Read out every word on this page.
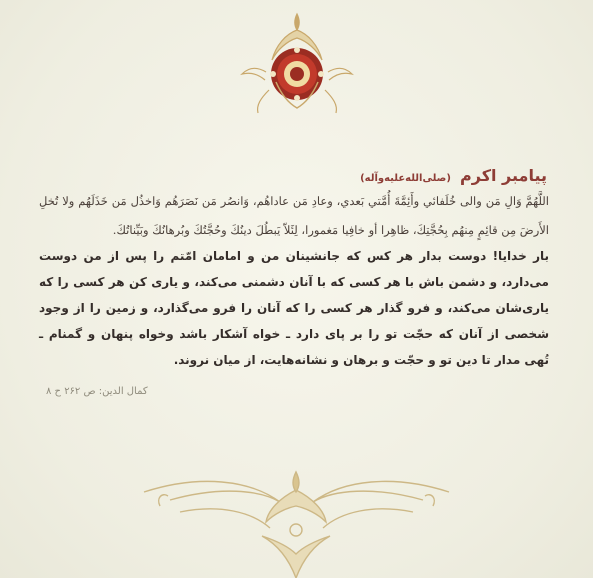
پیامبر اکرم (صلی‌الله‌علیه‌وآله)
اللَّهُمَّ وَالِ مَن والى خُلَفائي وأَئِمَّةَ أُمَّتي بَعدي، وعادِ مَن عاداهُم، وَانصُر مَن نَصَرَهُم وَاخذُل مَن خَذَلَهُم ولا تُخلِ الأَرضَ مِن قائِمٍ مِنهُم بِحُجَّتِكَ، ظاهِرا أو خافِيا مَغمورا، لِئَلاّ يَبطُلَ دينُكَ وحُجَّتُكَ وبُرهانُكَ وبَيِّناتُكَ.
بار خدایا! دوست بدار هر کس که جانشینان من و امامان امّتم را پس از من دوست می‌دارد، و دشمن باش با هر کسی که با آنان دشمنی می‌کند، و یاری کن هر کسی را که یاری‌شان می‌کند، و فرو گذار هر کسی را که آنان را فرو می‌گذارد، و زمین را از وجود شخصی از آنان که حجّت تو را بر پای دارد ـ خواه آشکار باشد وخواه پنهان و گمنام ـ تُهی مدار تا دین تو و حجّت و برهان و نشانه‌هایت، از میان نروند.
کمال الدین: ص ۲۶۲ ح ۸
